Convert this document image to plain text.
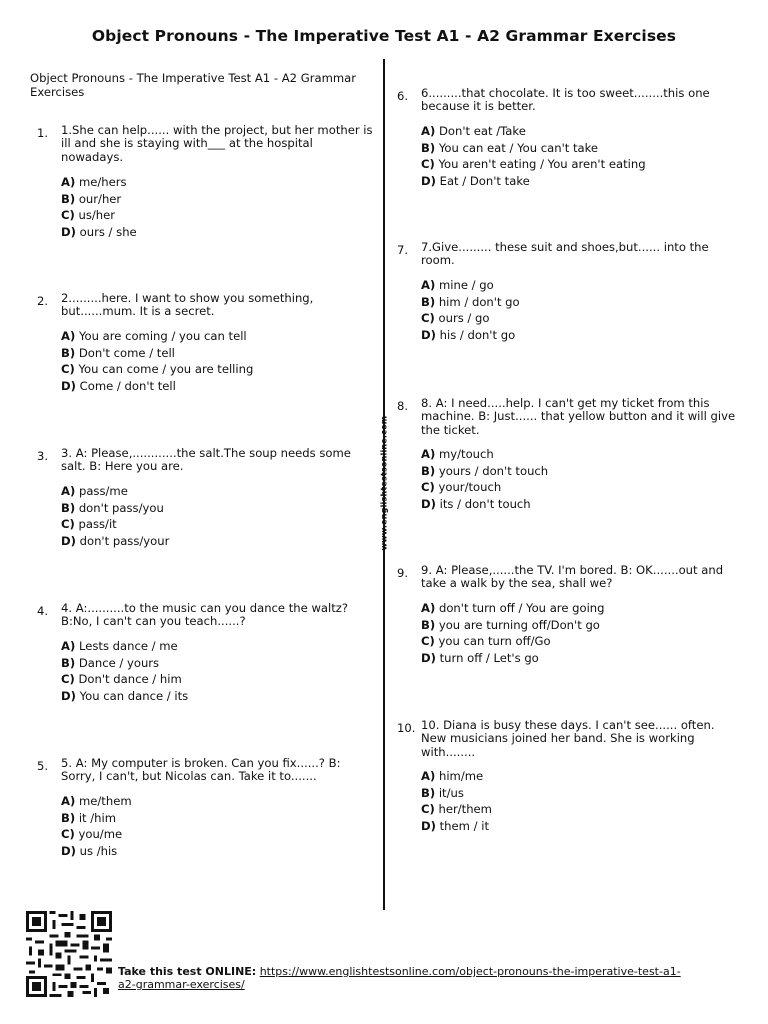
Object Pronouns - The Imperative Test A1 - A2 Grammar Exercises
Object Pronouns - The Imperative Test A1 - A2 Grammar Exercises
www.englishtestsonline.com
1. 1.She can help...... with the project, but her mother is ill and she is staying with___ at the hospital nowadays.
A) me/hers
B) our/her
C) us/her
D) ours / she
2. 2.........here. I want to show you something, but......mum. It is a secret.
A) You are coming / you can tell
B) Don't come / tell
C) You can come / you are telling
D) Come / don't tell
3. 3. A: Please,............the salt.The soup needs some salt. B: Here you are.
A) pass/me
B) don't pass/you
C) pass/it
D) don't pass/your
4. 4. A:..........to the music can you dance the waltz? B:No, I can't can you teach......?
A) Lests dance / me
B) Dance / yours
C) Don't dance / him
D) You can dance / its
5. 5. A: My computer is broken. Can you fix......? B: Sorry, I can't, but Nicolas can. Take it to.......
A) me/them
B) it /him
C) you/me
D) us /his
6. 6.........that chocolate. It is too sweet........this one because it is better.
A) Don't eat /Take
B) You can eat / You can't take
C) You aren't eating / You aren't eating
D) Eat / Don't take
7. 7.Give......... these suit and shoes,but...... into the room.
A) mine / go
B) him / don't go
C) ours / go
D) his / don't go
8. 8. A: I need.....help. I can't get my ticket from this machine. B: Just...... that yellow button and it will give the ticket.
A) my/touch
B) yours / don't touch
C) your/touch
D) its / don't touch
9. 9. A: Please,......the TV. I'm bored. B: OK.......out and take a walk by the sea, shall we?
A) don't turn off / You are going
B) you are turning off/Don't go
C) you can turn off/Go
D) turn off / Let's go
10. 10. Diana is busy these days. I can't see...... often. New musicians joined her band. She is working with........
A) him/me
B) it/us
C) her/them
D) them / it
Take this test ONLINE: https://www.englishtestsonline.com/object-pronouns-the-imperative-test-a1-a2-grammar-exercises/
